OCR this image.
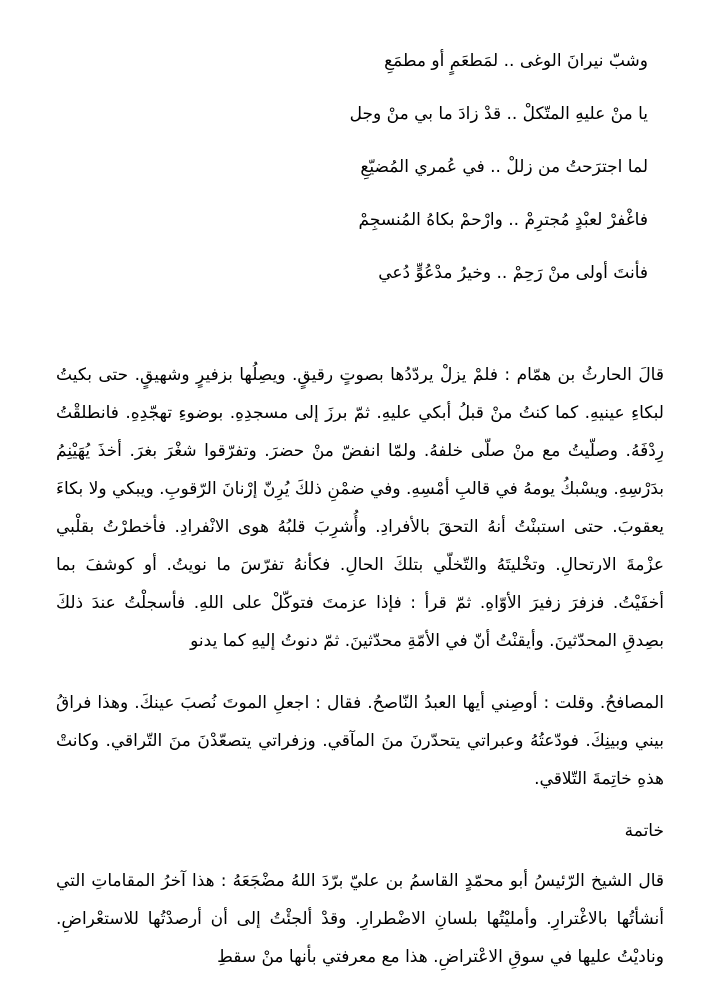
وشبّ نيرانَ الوغى .. لمَطعَمٍ أو مطمَعِ

يا منْ عليهِ المتّكلْ .. قدْ زادَ ما بي منْ وجل

لما اجترَحتُ من زللْ .. في عُمري المُضيّعِ

فاغْفرْ لعبْدٍ مُجترِمْ .. وارْحمْ بكاهُ المُنسجِمْ

فأنتَ أولى منْ رَحِمْ .. وخيرُ مدْعُوٍّ دُعي

قالَ الحارثُ بن همّام : فلمْ يزلْ يردّدُها بصوتٍ رقيقٍ. ويصِلُها بزفيرٍ وشهيقٍ. حتى بكيتُ لبكاءِ عينيهِ. كما كنتُ منْ قبلُ أبكي عليهِ. ثمّ برزَ إلى مسجدِهِ. بوضوءِ تهجّدِهِ. فانطلقْتُ رِدْفَهُ. وصلّيتُ مع منْ صلّى خلفهُ. ولمّا انفضّ منْ حضرَ. وتفرّقوا شغْرَ بغرَ. أخذَ يُهَيْنِمُ بدَرْسِهِ. ويسْبكُ يومهُ في قالبِ أمْسِهِ. وفي ضمْنِ ذلكَ يُرِنّ إرْنانَ الرّقوبِ. ويبكي ولا بكاءَ يعقوبَ. حتى استبنْتُ أنهُ التحقَ بالأفرادِ. وأُشرِبَ قلبُهُ هوى الانْفرادِ. فأخطرْتُ بقلْبي عزْمةَ الارتحالِ. وتخْليتَهُ والتّخلّي بتلكَ الحالِ. فكأنهُ تفرّسَ ما نويتُ. أو كوشفَ بما أخفَيْتُ. فزفرَ زفيرَ الأوّاهِ. ثمّ قرأ : فإذا عزمتَ فتوكّلْ على اللهِ. فأسجلْتُ عندَ ذلكَ بصِدقِ المحدّثينَ. وأيقنْتُ أنّ في الأمّةِ محدّثينَ. ثمّ دنوتُ إليهِ كما يدنو

المصافحُ. وقلت : أوصِني أيها العبدُ النّاصحُ. فقال : اجعلِ الموتَ نُصبَ عينكَ. وهذا فراقُ بيني وبينِكَ. فودّعتُهُ وعبراتي يتحدّرنَ منَ المآقي. وزفراتي يتصعّدْنَ منَ التّراقي. وكانتْ هذهِ خاتِمةَ التّلاقي.

خاتمة

قال الشيخ الرّئيسُ أبو محمّدٍ القاسمُ بن عليّ برّدَ اللهُ مضْجَعَهُ : هذا آخرُ المقاماتِ التي أنشأتُها بالاغْترارِ. وأمليْتُها بلسانِ الاضْطرارِ. وقدْ ألجئْتُ إلى أن أرصدْتُها للاستعْراضِ. وناديْتُ عليها في سوقِ الاعْتراضِ. هذا مع معرفتي بأنها منْ سقطِ
